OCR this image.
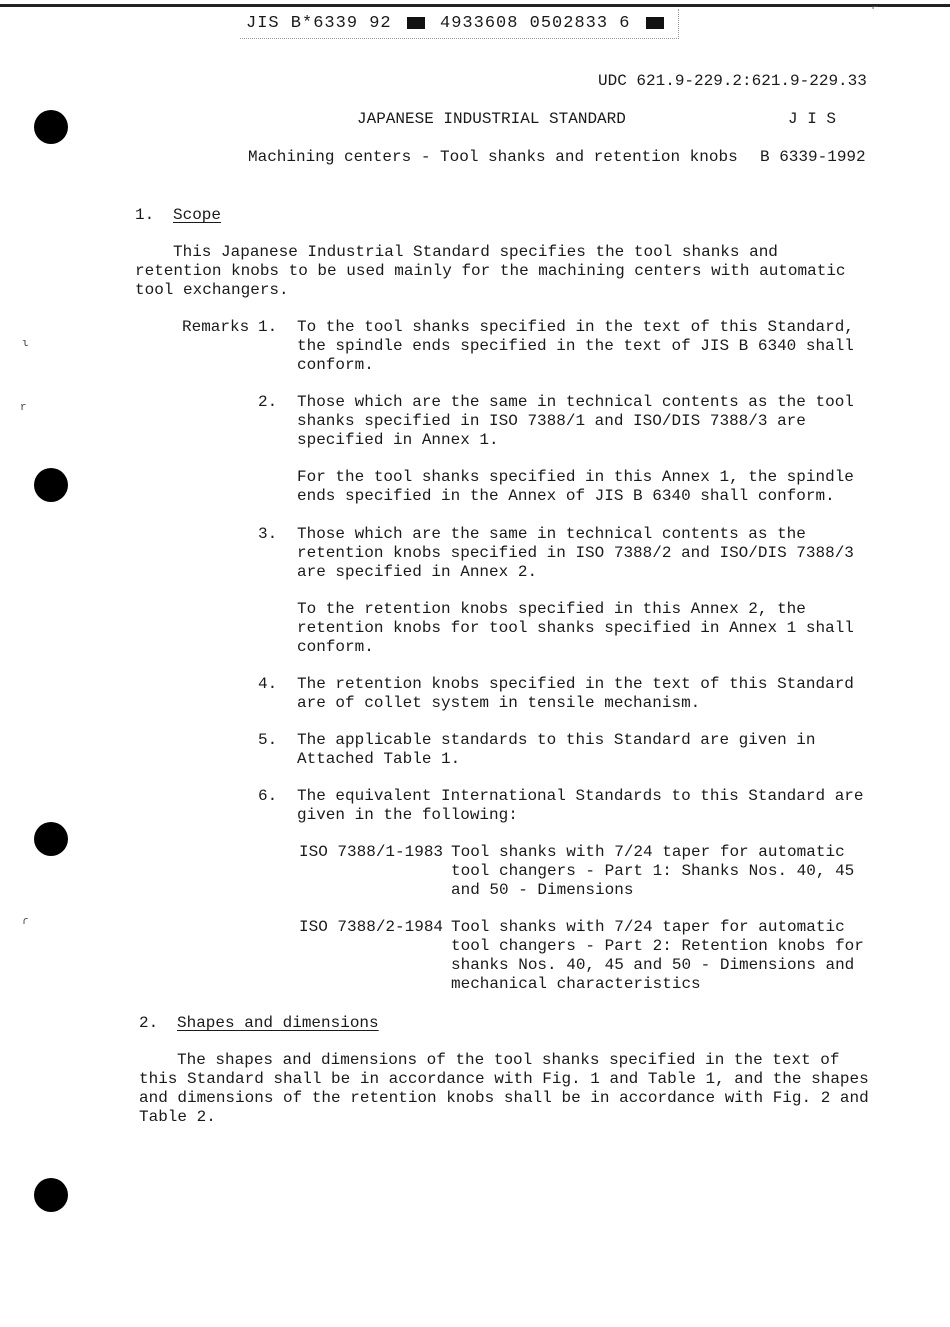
JIS B*6339 92	4933608 0502833 6
ι
r
ɾ
⌐
UDC 621.9-229.2:621.9-229.33
JAPANESE INDUSTRIAL STANDARD	J I S
Machining centers - Tool shanks and retention knobs B 6339-1992
1. Scope
This Japanese Industrial Standard specifies the tool shanks and
retention knobs to be used mainly for the machining centers with automatic
tool exchangers.
Remarks 1. To the tool shanks specified in the text of this Standard,
the spindle ends specified in the text of JIS B 6340 shall
conform.
2. Those which are the same in technical contents as the tool
shanks specified in ISO 7388/1 and ISO/DIS 7388/3 are
specified in Annex 1.
For the tool shanks specified in this Annex 1, the spindle
ends specified in the Annex of JIS B 6340 shall conform.
3. Those which are the same in technical contents as the
retention knobs specified in ISO 7388/2 and ISO/DIS 7388/3
are specified in Annex 2.
To the retention knobs specified in this Annex 2, the
retention knobs for tool shanks specified in Annex 1 shall
conform.
4. The retention knobs specified in the text of this Standard
are of collet system in tensile mechanism.
5. The applicable standards to this Standard are given in
Attached Table 1.
6. The equivalent International Standards to this Standard are
given in the following:
ISO 7388/1-1983 Tool shanks with 7/24 taper for automatic
tool changers - Part 1: Shanks Nos. 40, 45
and 50 - Dimensions
ISO 7388/2-1984 Tool shanks with 7/24 taper for automatic
tool changers - Part 2: Retention knobs for
shanks Nos. 40, 45 and 50 - Dimensions and
mechanical characteristics
2. Shapes and dimensions
The shapes and dimensions of the tool shanks specified in the text of
this Standard shall be in accordance with Fig. 1 and Table 1, and the shapes
and dimensions of the retention knobs shall be in accordance with Fig. 2 and
Table 2.
